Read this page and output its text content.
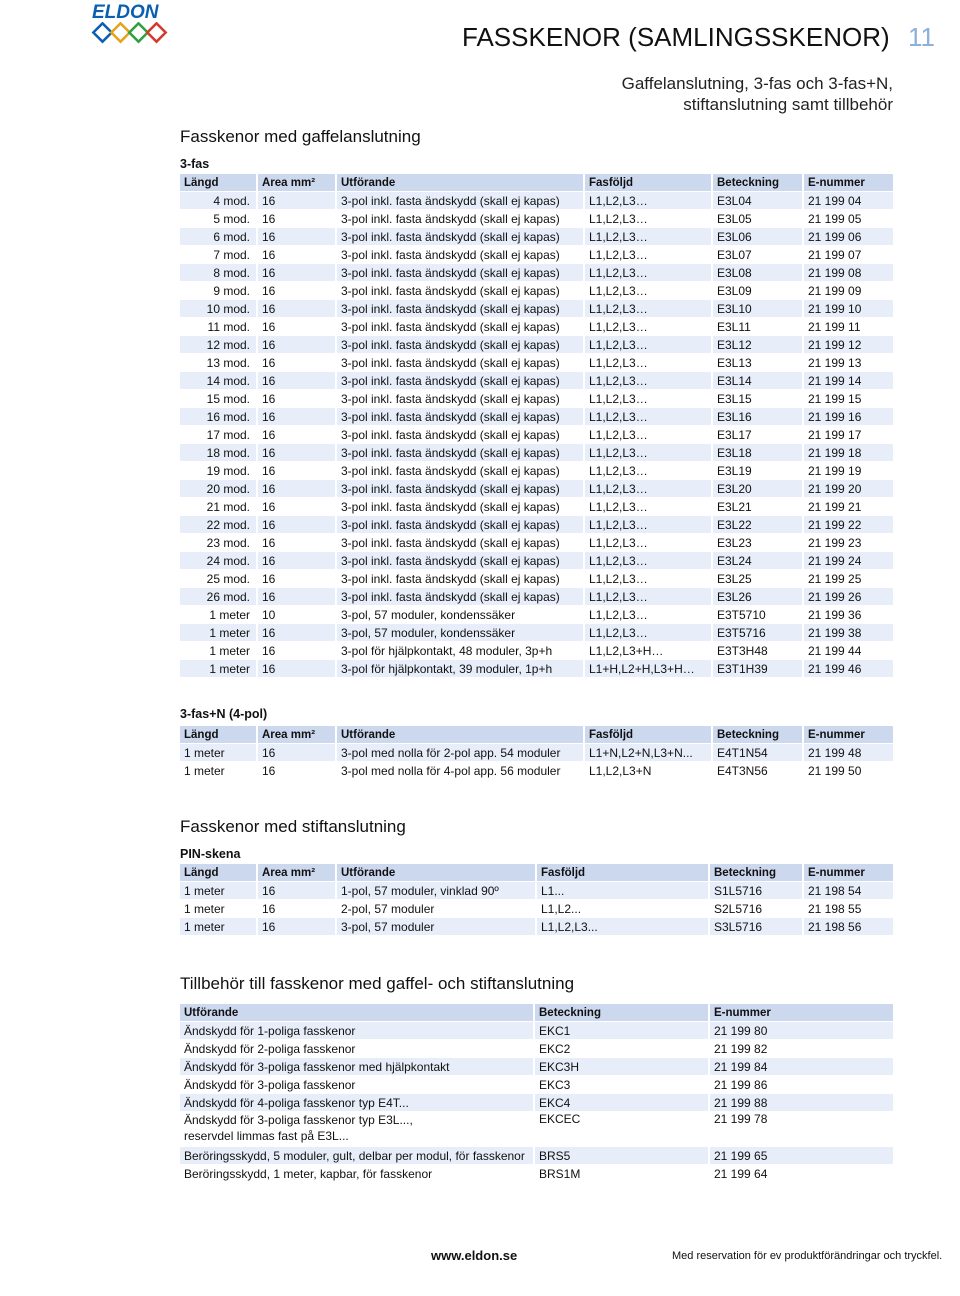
ELDON
FASSKENOR (SAMLINGSSKENOR) 11
Gaffelanslutning, 3-fas och 3-fas+N,
stiftanslutning samt tillbehör
Fasskenor med gaffelanslutning
3-fas
Längd	Area mm²	Utförande	Fasföljd	Beteckning	E-nummer
4 mod.	16	3-pol inkl. fasta ändskydd (skall ej kapas)	L1,L2,L3…	E3L04	21 199 04
5 mod.	16	3-pol inkl. fasta ändskydd (skall ej kapas)	L1,L2,L3…	E3L05	21 199 05
6 mod.	16	3-pol inkl. fasta ändskydd (skall ej kapas)	L1,L2,L3…	E3L06	21 199 06
7 mod.	16	3-pol inkl. fasta ändskydd (skall ej kapas)	L1,L2,L3…	E3L07	21 199 07
8 mod.	16	3-pol inkl. fasta ändskydd (skall ej kapas)	L1,L2,L3…	E3L08	21 199 08
9 mod.	16	3-pol inkl. fasta ändskydd (skall ej kapas)	L1,L2,L3…	E3L09	21 199 09
10 mod.	16	3-pol inkl. fasta ändskydd (skall ej kapas)	L1,L2,L3…	E3L10	21 199 10
11 mod.	16	3-pol inkl. fasta ändskydd (skall ej kapas)	L1,L2,L3…	E3L11	21 199 11
12 mod.	16	3-pol inkl. fasta ändskydd (skall ej kapas)	L1,L2,L3…	E3L12	21 199 12
13 mod.	16	3-pol inkl. fasta ändskydd (skall ej kapas)	L1,L2,L3…	E3L13	21 199 13
14 mod.	16	3-pol inkl. fasta ändskydd (skall ej kapas)	L1,L2,L3…	E3L14	21 199 14
15 mod.	16	3-pol inkl. fasta ändskydd (skall ej kapas)	L1,L2,L3…	E3L15	21 199 15
16 mod.	16	3-pol inkl. fasta ändskydd (skall ej kapas)	L1,L2,L3…	E3L16	21 199 16
17 mod.	16	3-pol inkl. fasta ändskydd (skall ej kapas)	L1,L2,L3…	E3L17	21 199 17
18 mod.	16	3-pol inkl. fasta ändskydd (skall ej kapas)	L1,L2,L3…	E3L18	21 199 18
19 mod.	16	3-pol inkl. fasta ändskydd (skall ej kapas)	L1,L2,L3…	E3L19	21 199 19
20 mod.	16	3-pol inkl. fasta ändskydd (skall ej kapas)	L1,L2,L3…	E3L20	21 199 20
21 mod.	16	3-pol inkl. fasta ändskydd (skall ej kapas)	L1,L2,L3…	E3L21	21 199 21
22 mod.	16	3-pol inkl. fasta ändskydd (skall ej kapas)	L1,L2,L3…	E3L22	21 199 22
23 mod.	16	3-pol inkl. fasta ändskydd (skall ej kapas)	L1,L2,L3…	E3L23	21 199 23
24 mod.	16	3-pol inkl. fasta ändskydd (skall ej kapas)	L1,L2,L3…	E3L24	21 199 24
25 mod.	16	3-pol inkl. fasta ändskydd (skall ej kapas)	L1,L2,L3…	E3L25	21 199 25
26 mod.	16	3-pol inkl. fasta ändskydd (skall ej kapas)	L1,L2,L3…	E3L26	21 199 26
1 meter	10	3-pol, 57 moduler, kondenssäker	L1,L2,L3…	E3T5710	21 199 36
1 meter	16	3-pol, 57 moduler, kondenssäker	L1,L2,L3…	E3T5716	21 199 38
1 meter	16	3-pol för hjälpkontakt, 48 moduler, 3p+h	L1,L2,L3+H…	E3T3H48	21 199 44
1 meter	16	3-pol för hjälpkontakt, 39 moduler, 1p+h	L1+H,L2+H,L3+H…	E3T1H39	21 199 46
3-fas+N (4-pol)
Längd	Area mm²	Utförande	Fasföljd	Beteckning	E-nummer
1 meter	16	3-pol med nolla för 2-pol app. 54 moduler	L1+N,L2+N,L3+N...	E4T1N54	21 199 48
1 meter	16	3-pol med nolla för 4-pol app. 56 moduler	L1,L2,L3+N	E4T3N56	21 199 50
Fasskenor med stiftanslutning
PIN-skena
Längd	Area mm²	Utförande	Fasföljd	Beteckning	E-nummer
1 meter	16	1-pol, 57 moduler, vinklad 90º	L1...	S1L5716	21 198 54
1 meter	16	2-pol, 57 moduler	L1,L2...	S2L5716	21 198 55
1 meter	16	3-pol, 57 moduler	L1,L2,L3...	S3L5716	21 198 56
Tillbehör till fasskenor med gaffel- och stiftanslutning
Utförande	Beteckning	E-nummer
Ändskydd för 1-poliga fasskenor	EKC1	21 199 80
Ändskydd för 2-poliga fasskenor	EKC2	21 199 82
Ändskydd för 3-poliga fasskenor med hjälpkontakt	EKC3H	21 199 84
Ändskydd för 3-poliga fasskenor	EKC3	21 199 86
Ändskydd för 4-poliga fasskenor typ E4T...	EKC4	21 199 88

Ändskydd för 3-poliga fasskenor typ E3L...,
reservdel limmas fast på E3L...	EKCEC	21 199 78
Beröringsskydd, 5 moduler, gult, delbar per modul, för fasskenor	BRS5	21 199 65
Beröringsskydd, 1 meter, kapbar, för fasskenor	BRS1M	21 199 64
www.eldon.se	Med reservation för ev produktförändringar och tryckfel.
